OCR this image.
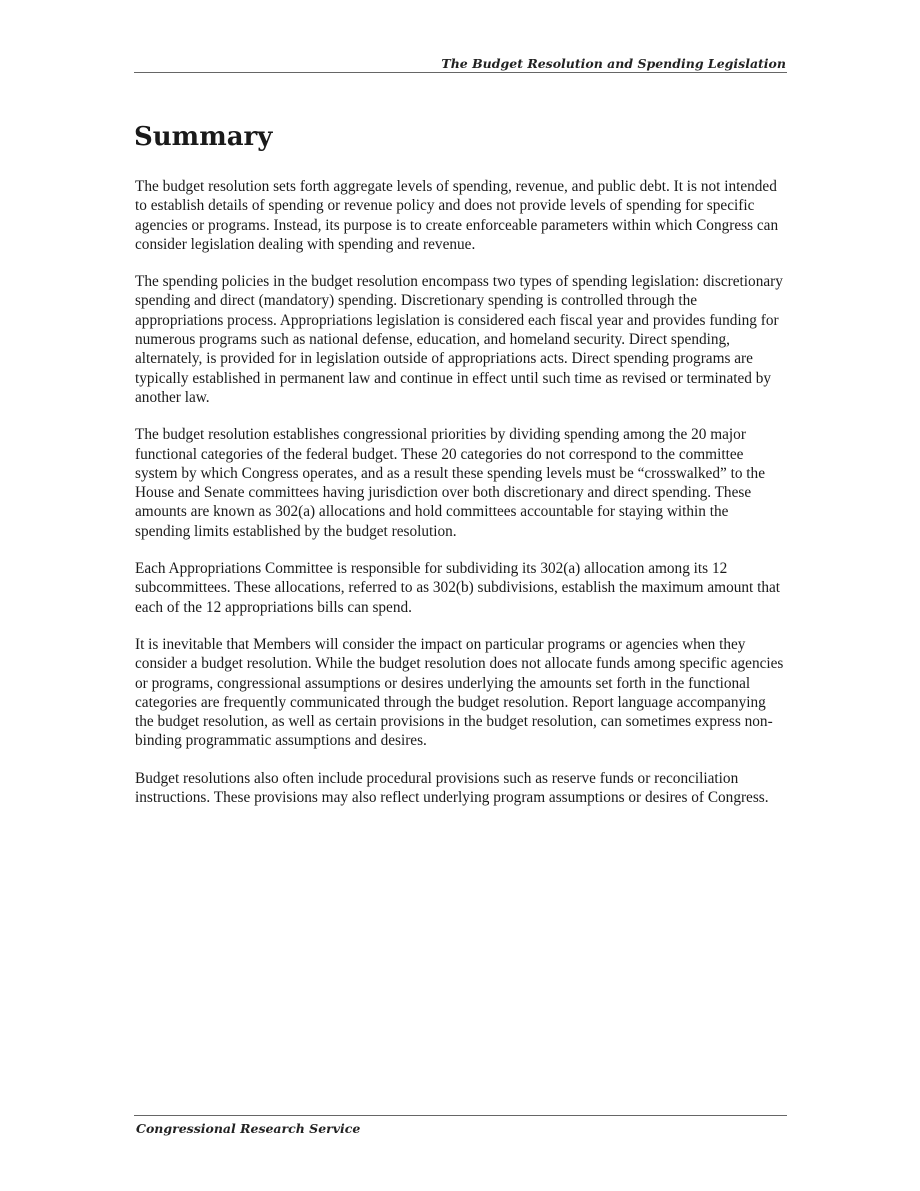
The Budget Resolution and Spending Legislation
Summary

The budget resolution sets forth aggregate levels of spending, revenue, and public debt. It is not intended to establish details of spending or revenue policy and does not provide levels of spending for specific agencies or programs. Instead, its purpose is to create enforceable parameters within which Congress can consider legislation dealing with spending and revenue.

The spending policies in the budget resolution encompass two types of spending legislation: discretionary spending and direct (mandatory) spending. Discretionary spending is controlled through the appropriations process. Appropriations legislation is considered each fiscal year and provides funding for numerous programs such as national defense, education, and homeland security. Direct spending, alternately, is provided for in legislation outside of appropriations acts. Direct spending programs are typically established in permanent law and continue in effect until such time as revised or terminated by another law.

The budget resolution establishes congressional priorities by dividing spending among the 20 major functional categories of the federal budget. These 20 categories do not correspond to the committee system by which Congress operates, and as a result these spending levels must be “crosswalked” to the House and Senate committees having jurisdiction over both discretionary and direct spending. These amounts are known as 302(a) allocations and hold committees accountable for staying within the spending limits established by the budget resolution.

Each Appropriations Committee is responsible for subdividing its 302(a) allocation among its 12 subcommittees. These allocations, referred to as 302(b) subdivisions, establish the maximum amount that each of the 12 appropriations bills can spend.

It is inevitable that Members will consider the impact on particular programs or agencies when they consider a budget resolution. While the budget resolution does not allocate funds among specific agencies or programs, congressional assumptions or desires underlying the amounts set forth in the functional categories are frequently communicated through the budget resolution. Report language accompanying the budget resolution, as well as certain provisions in the budget resolution, can sometimes express non-binding programmatic assumptions and desires.

Budget resolutions also often include procedural provisions such as reserve funds or reconciliation instructions. These provisions may also reflect underlying program assumptions or desires of Congress.

Congressional Research Service
